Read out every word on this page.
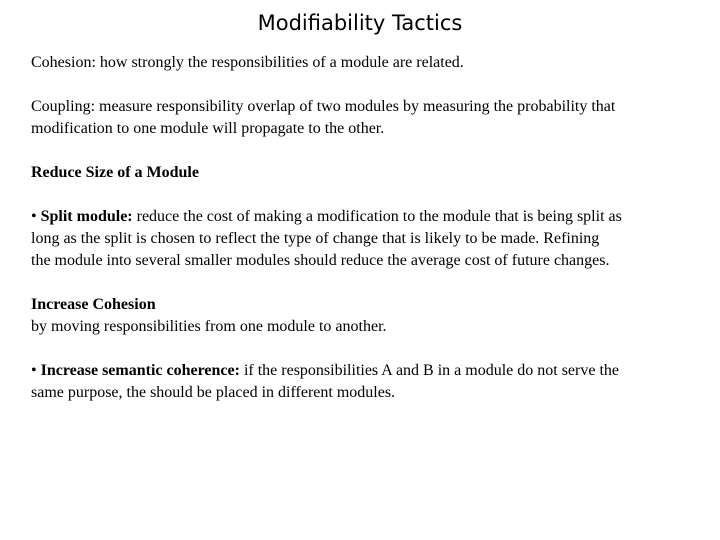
Modifiability Tactics

Cohesion: how strongly the responsibilities of a module are related.

Coupling: measure responsibility overlap of two modules by measuring the probability that
modification to one module will propagate to the other.

Reduce Size of a Module

• Split module: reduce the cost of making a modification to the module that is being split as
long as the split is chosen to reflect the type of change that is likely to be made. Refining
the module into several smaller modules should reduce the average cost of future changes.

Increase Cohesion
by moving responsibilities from one module to another.

• Increase semantic coherence: if the responsibilities A and B in a module do not serve the
same purpose, the should be placed in different modules.
